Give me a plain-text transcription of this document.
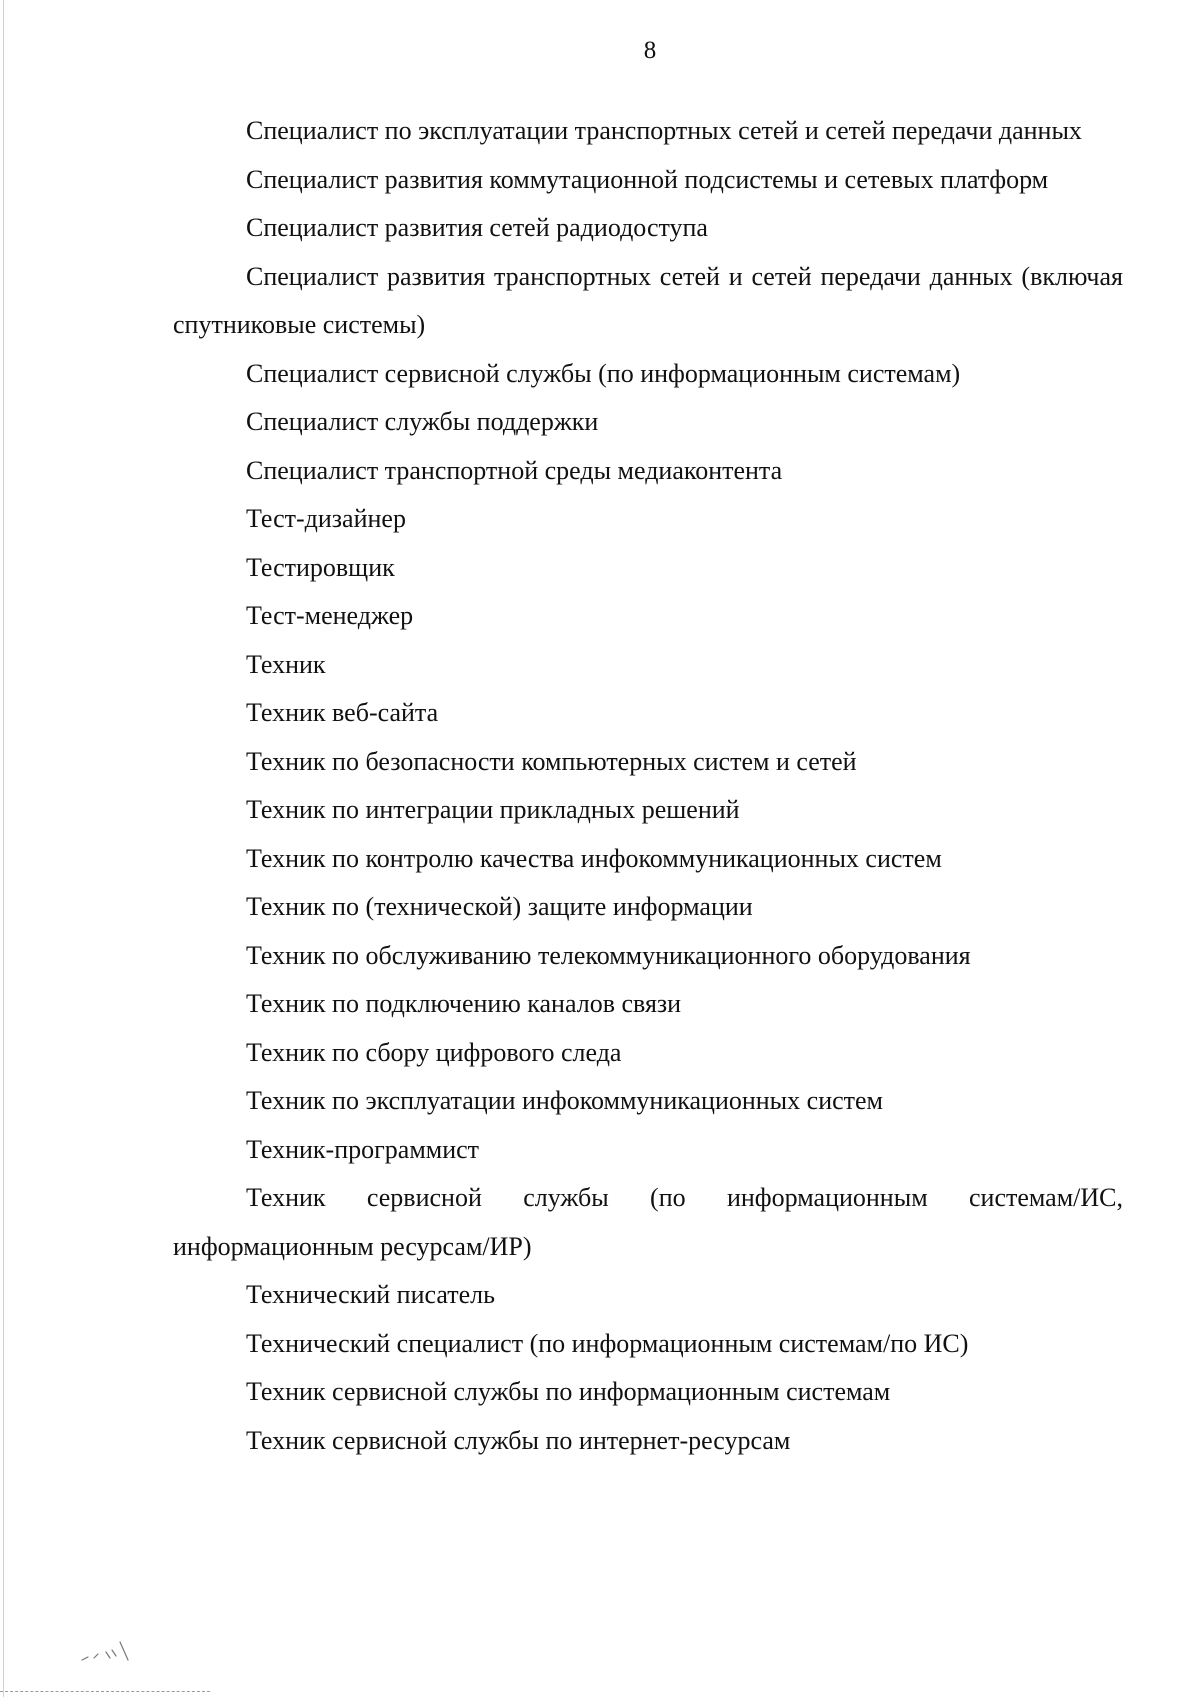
8

Специалист по эксплуатации транспортных сетей и сетей передачи данных

Специалист развития коммутационной подсистемы и сетевых платформ

Специалист развития сетей радиодоступа

Специалист развития транспортных сетей и сетей передачи данных (включая спутниковые системы)

Специалист сервисной службы (по информационным системам)

Специалист службы поддержки

Специалист транспортной среды медиаконтента

Тест-дизайнер

Тестировщик

Тест-менеджер

Техник

Техник веб-сайта

Техник по безопасности компьютерных систем и сетей

Техник по интеграции прикладных решений

Техник по контролю качества инфокоммуникационных систем

Техник по (технической) защите информации

Техник по обслуживанию телекоммуникационного оборудования

Техник по подключению каналов связи

Техник по сбору цифрового следа

Техник по эксплуатации инфокоммуникационных систем

Техник-программист

Техник сервисной службы (по информационным системам/ИС, информационным ресурсам/ИР)

Технический писатель

Технический специалист (по информационным системам/по ИС)

Техник сервисной службы по информационным системам

Техник сервисной службы по интернет-ресурсам
